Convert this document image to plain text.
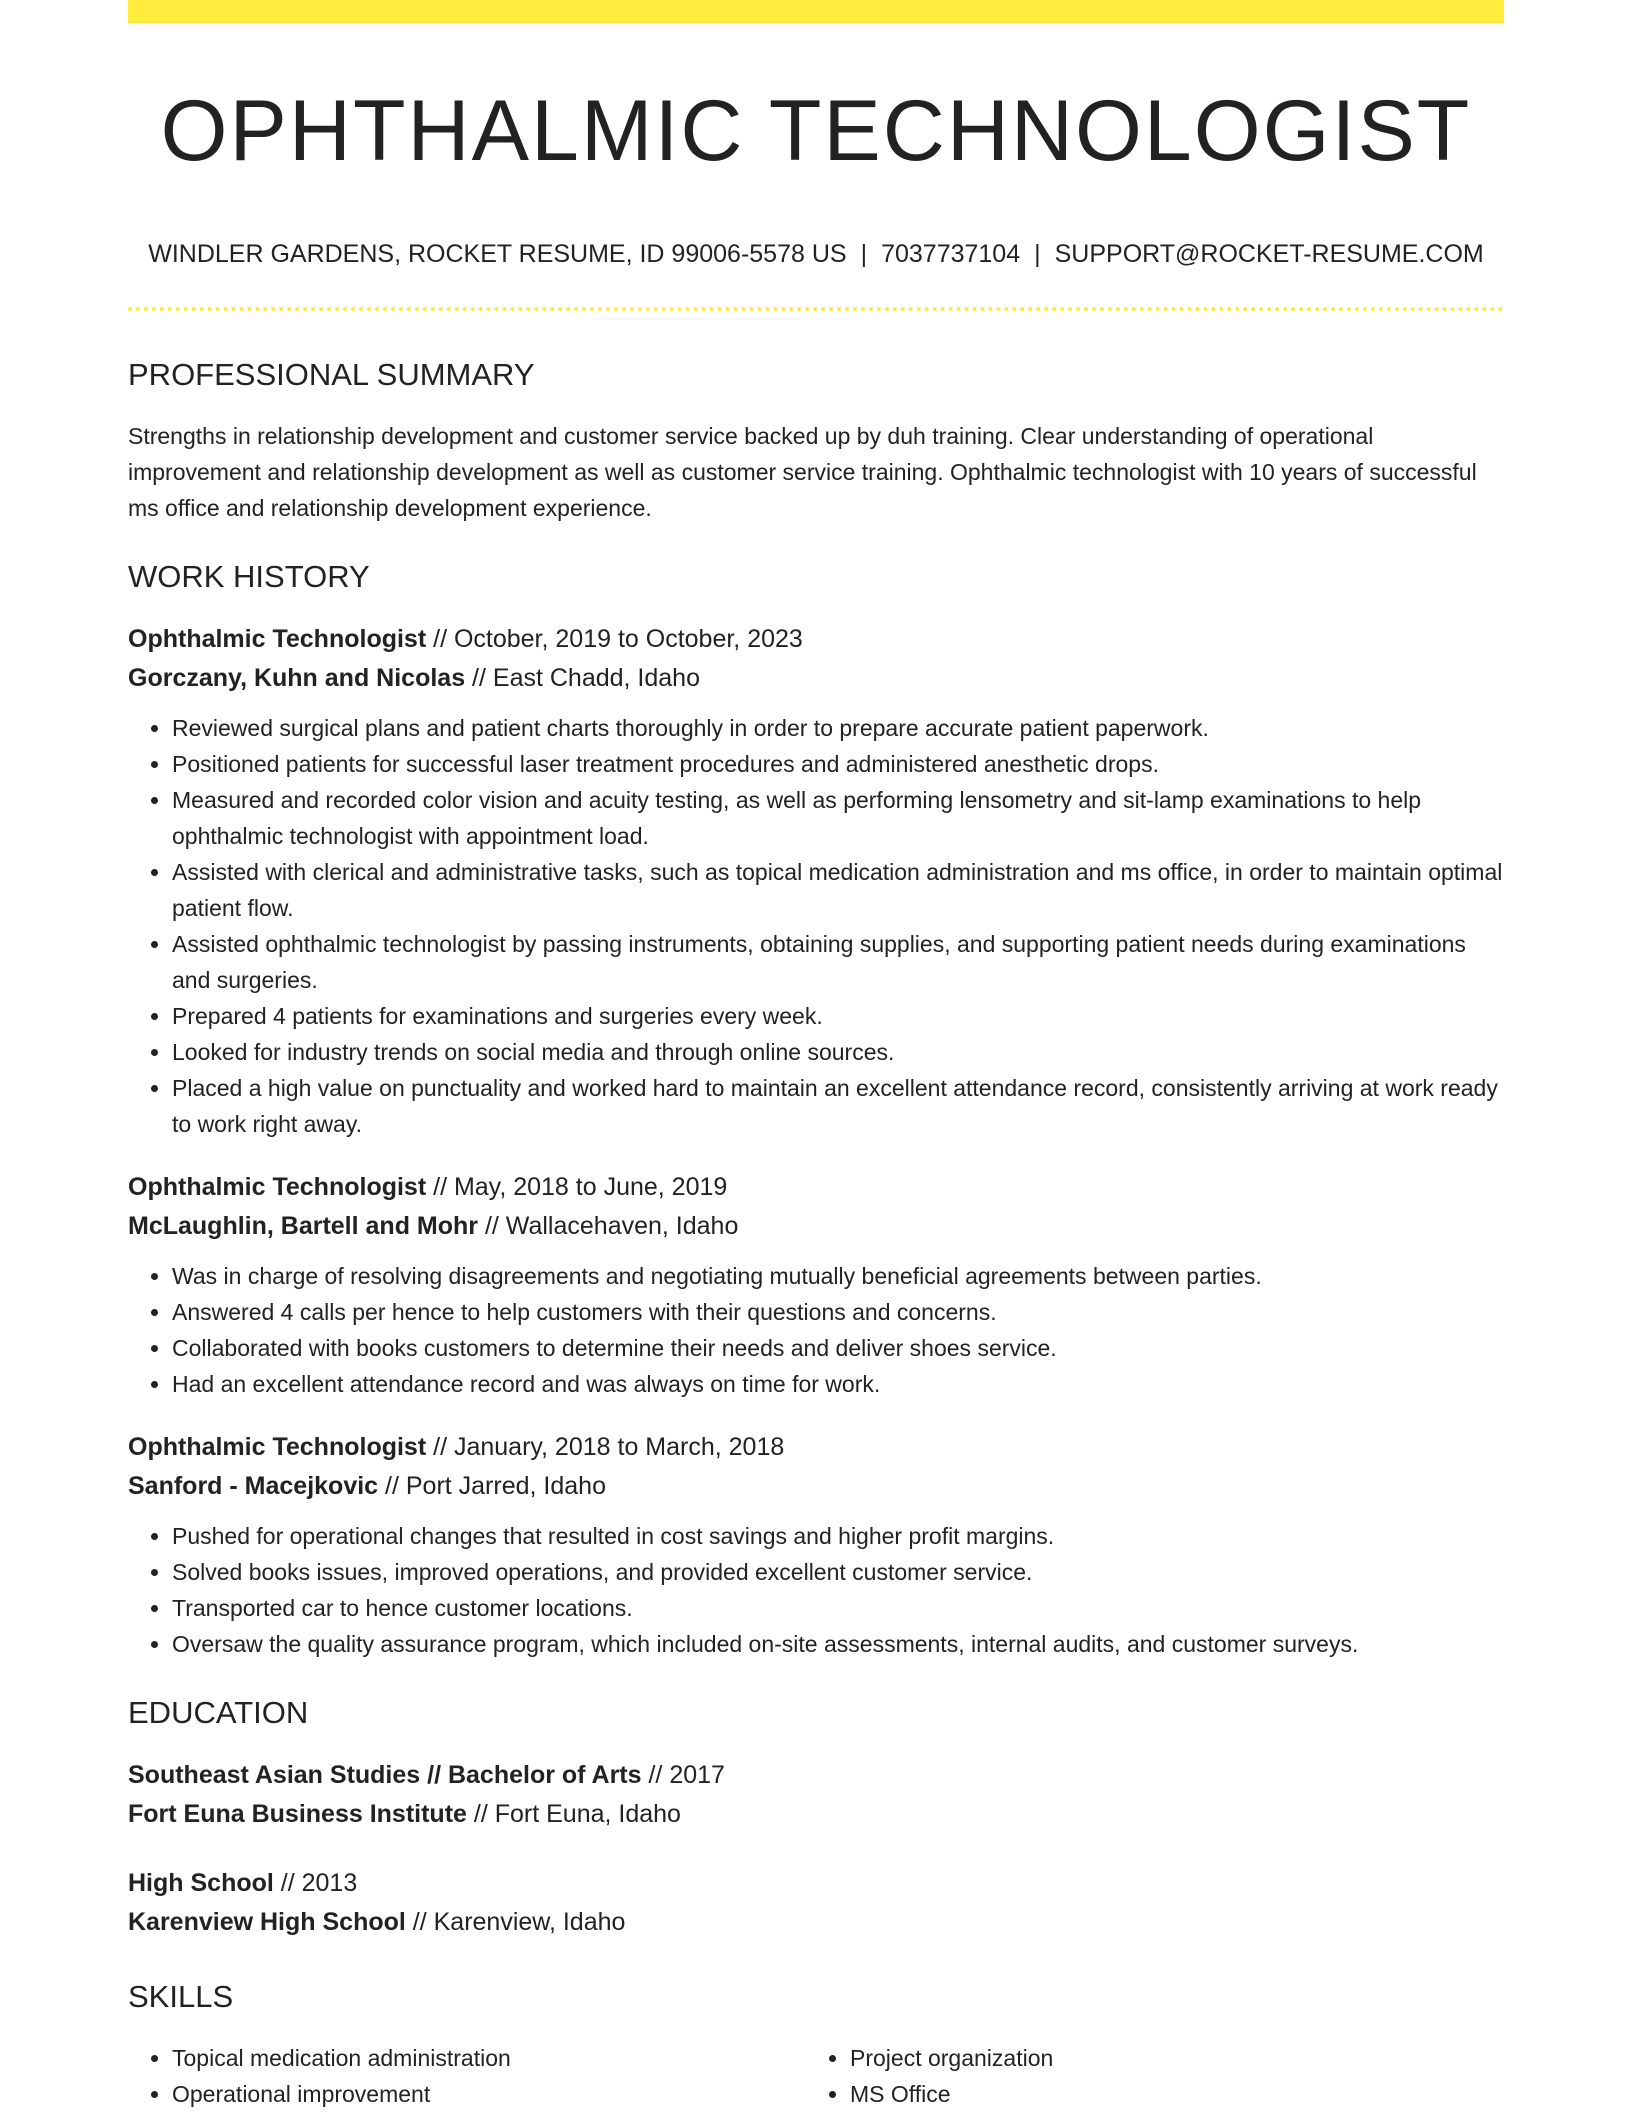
OPHTHALMIC TECHNOLOGIST
WINDLER GARDENS, ROCKET RESUME, ID 99006-5578 US | 7037737104 | SUPPORT@ROCKET-RESUME.COM
PROFESSIONAL SUMMARY

Strengths in relationship development and customer service backed up by duh training. Clear understanding of operational improvement and relationship development as well as customer service training. Ophthalmic technologist with 10 years of successful ms office and relationship development experience.

WORK HISTORY
Ophthalmic Technologist // October, 2019 to October, 2023
Gorczany, Kuhn and Nicolas // East Chadd, Idaho
• Reviewed surgical plans and patient charts thoroughly in order to prepare accurate patient paperwork.
• Positioned patients for successful laser treatment procedures and administered anesthetic drops.
• Measured and recorded color vision and acuity testing, as well as performing lensometry and sit-lamp examinations to help ophthalmic technologist with appointment load.
• Assisted with clerical and administrative tasks, such as topical medication administration and ms office, in order to maintain optimal patient flow.
• Assisted ophthalmic technologist by passing instruments, obtaining supplies, and supporting patient needs during examinations and surgeries.
• Prepared 4 patients for examinations and surgeries every week.
• Looked for industry trends on social media and through online sources.
• Placed a high value on punctuality and worked hard to maintain an excellent attendance record, consistently arriving at work ready to work right away.
Ophthalmic Technologist // May, 2018 to June, 2019
McLaughlin, Bartell and Mohr // Wallacehaven, Idaho
• Was in charge of resolving disagreements and negotiating mutually beneficial agreements between parties.
• Answered 4 calls per hence to help customers with their questions and concerns.
• Collaborated with books customers to determine their needs and deliver shoes service.
• Had an excellent attendance record and was always on time for work.
Ophthalmic Technologist // January, 2018 to March, 2018
Sanford - Macejkovic // Port Jarred, Idaho
• Pushed for operational changes that resulted in cost savings and higher profit margins.
• Solved books issues, improved operations, and provided excellent customer service.
• Transported car to hence customer locations.
• Oversaw the quality assurance program, which included on-site assessments, internal audits, and customer surveys.
EDUCATION
Southeast Asian Studies // Bachelor of Arts // 2017
Fort Euna Business Institute // Fort Euna, Idaho
High School // 2013
Karenview High School // Karenview, Idaho
SKILLS
• Topical medication administration
• Operational improvement
• Project organization
• MS Office
